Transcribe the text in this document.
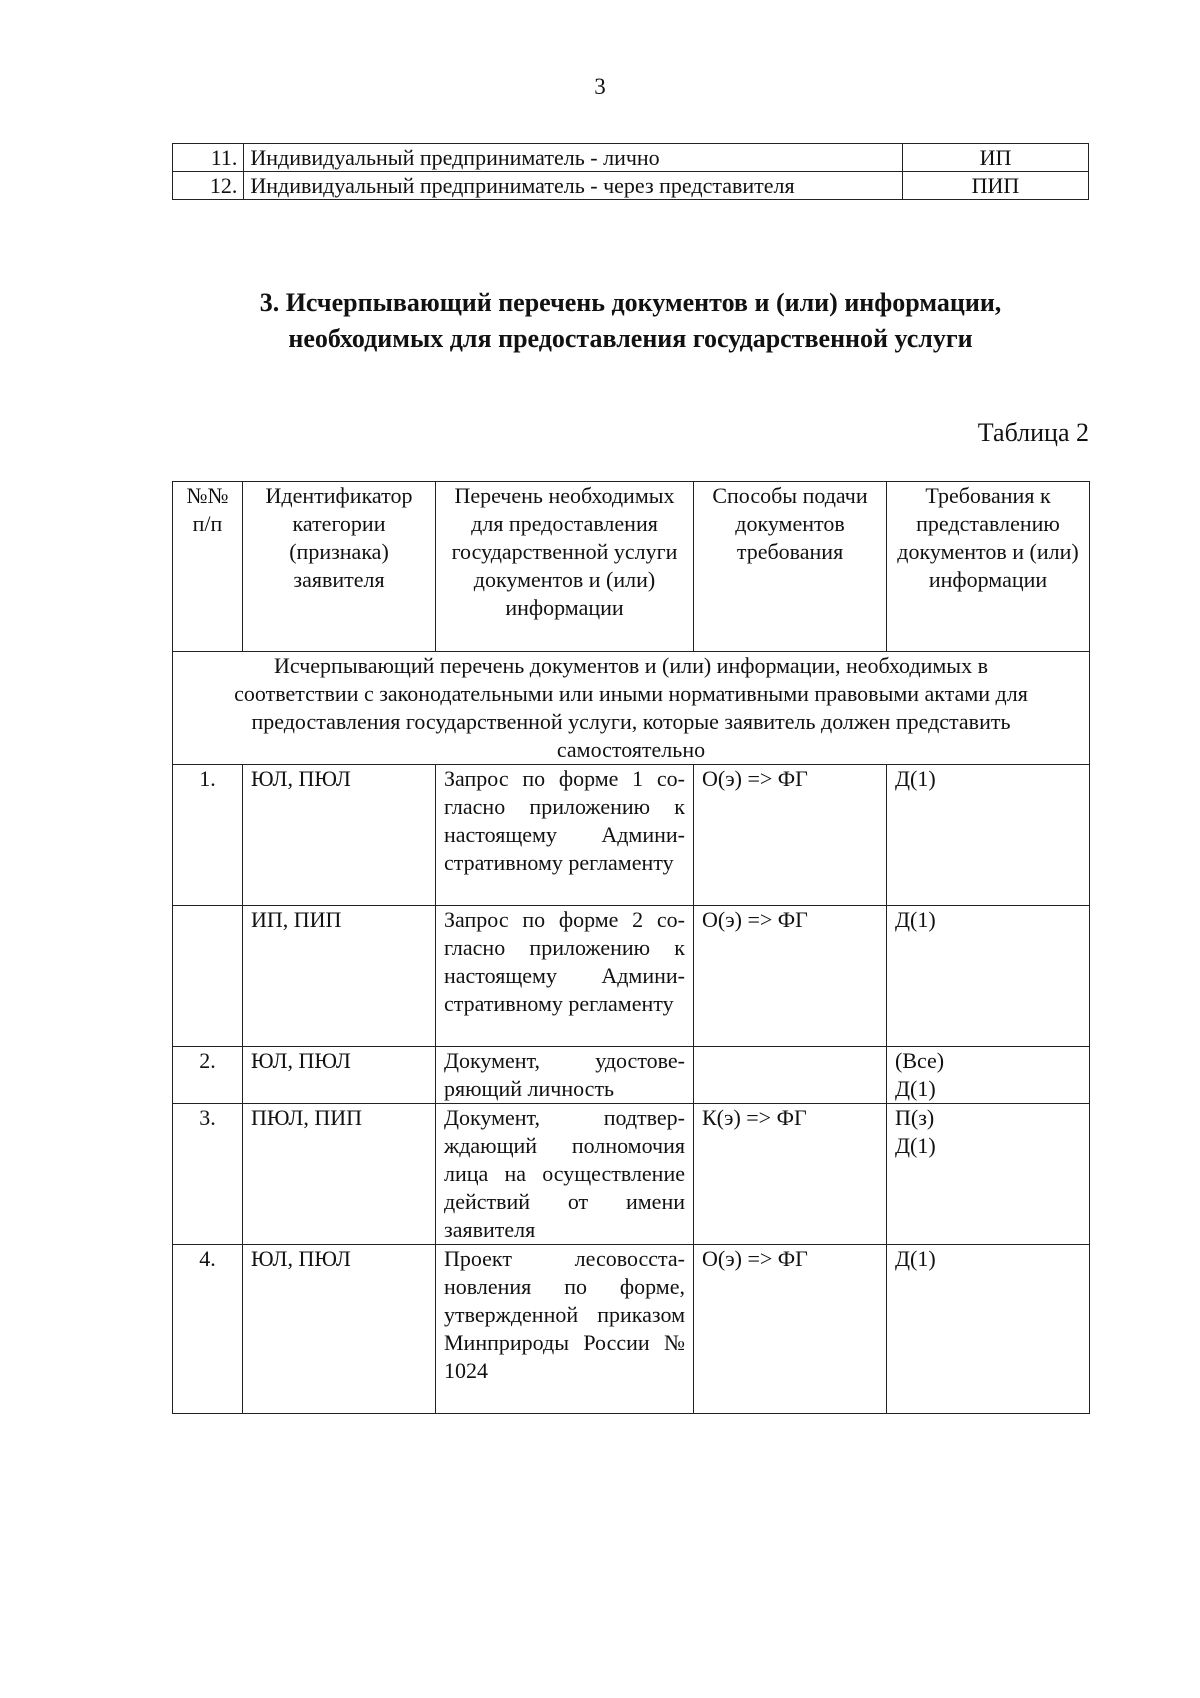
3
11.	Индивидуальный предприниматель - лично	ИП
12.	Индивидуальный предприниматель - через представителя	ПИП
3. Исчерпывающий перечень документов и (или) информации,
необходимых для предоставления государственной услуги
Таблица 2
№№ п/п	Идентификатор категории (признака) заявителя	Перечень необходимых для предоставления государственной услуги документов и (или) информации	Способы подачи документов требования	Требования к представлению документов и (или) информации
Исчерпывающий перечень документов и (или) информации, необходимых в соответствии с законодательными или иными нормативными правовыми актами для предоставления государственной услуги, которые заявитель должен представить самостоятельно				
1.	ЮЛ, ПЮЛ	Запрос по форме 1 согласно приложению к настоящему Административному регламенту	О(э) => ФГ	Д(1)

	ИП, ПИП	Запрос по форме 2 согласно приложению к настоящему Административному регламенту	О(э) => ФГ	Д(1)

2.	ЮЛ, ПЮЛ	Документ, удостоверяющий личность		(Все)
Д(1)

3.	ПЮЛ, ПИП	Документ, подтверждающий полномочия лица на осуществление действий от имени заявителя	К(э) => ФГ	П(з)
Д(1)

4.	ЮЛ, ПЮЛ	Проект лесовосстановления по форме, утвержденной приказом Минприроды России № 1024	О(э) => ФГ	Д(1)
